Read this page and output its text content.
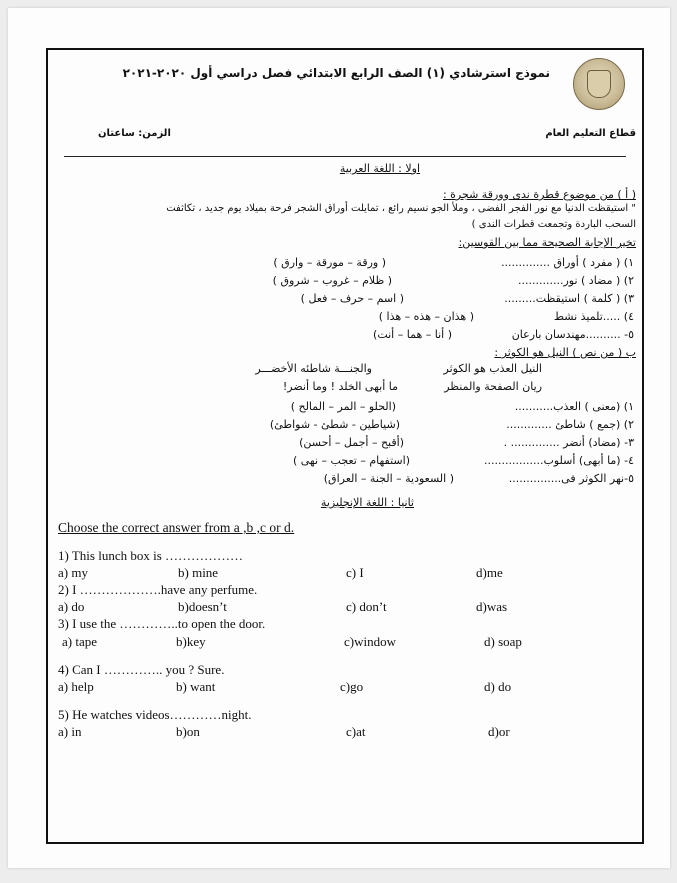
نموذج استرشادي (١) الصف الرابع الابتدائي فصل دراسي أول ٢٠٢٠-٢٠٢١
قطاع التعليم العام
الزمن: ساعتان
اولا : اللغة العربية
( أ ) من موضوع قطرة ندى وورقة شجرة :
" استيقظت الدنيا مع نور الفجر الفضى ، وملأ الجو نسيم رائع ، تمايلت أوراق الشجر فرحة بميلاد يوم جديد ، تكاثفت
السحب الباردة وتجمعت قطرات الندى )
تخير الإجابة الصحيحة مما بين القوسين:
١) ( مفرد ) أوراق ..............
( ورقة – مورقة – وارق )
٢) ( مضاد ) نور.............
( ظلام – غروب – شروق )
٣) ( كلمة ) استيقظت.........
( اسم – حرف – فعل )
٤) .....تلميذ نشط
( هذان – هذه – هذا )
٥- ..........مهندسان بارعان
( أنا – هما – أنت)
ب ( من نص ) النيل هو الكوثر :
النيل العذب هو الكوثر
والجنـــة شاطئه الأخضـــر
ريان الصفحة والمنظر
ما أبهى الخلد ! وما أنضر!
١) (معنى ) العذب...........
(الحلو – المر – المالح )
٢) (جمع ) شاطئ .............
(شياطين - شطئ - شواطئ)
٣- (مضاد) أنضر .............. .
(أقبح – أجمل – أحسن)
٤- (ما أبهى) أسلوب.................
(استفهام – تعجب – نهى )
٥-نهر الكوثر فى...............
( السعودية – الجنة – العراق)
ثانيا : اللغة الإنجليزية
Choose the correct answer from a ,b ,c or d.
1) This lunch box is ………………
a) my	b) mine	c) I	d)me
2) I ……………….have any perfume.
a) do	b)doesn’t	c) don’t	d)was
3) I use the …………..to open the door.
a) tape	b)key	c)window	d) soap
4) Can I ………….. you ? Sure.
a) help	b) want	c)go	d) do
5) He watches videos…………night.
a) in	b)on	c)at	d)or
